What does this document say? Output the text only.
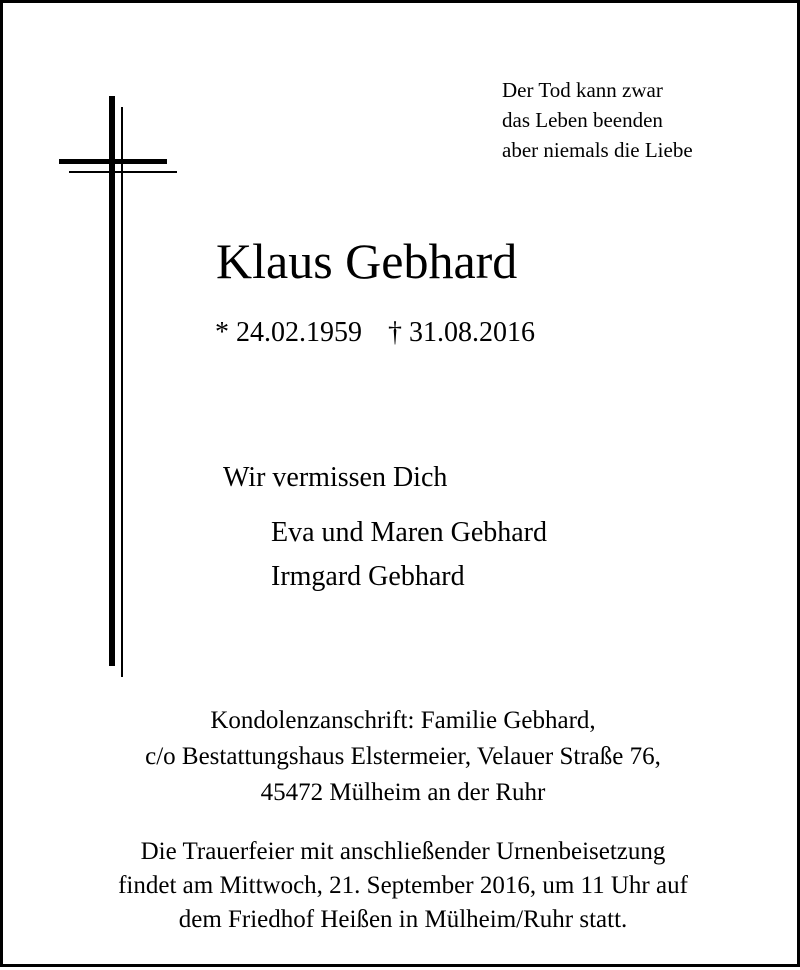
Der Tod kann zwar
das Leben beenden
aber niemals die Liebe
Klaus Gebhard
* 24.02.1959 † 31.08.2016
Wir vermissen Dich
Eva und Maren Gebhard
Irmgard Gebhard
Kondolenzanschrift: Familie Gebhard,
c/o Bestattungshaus Elstermeier, Velauer Straße 76,
45472 Mülheim an der Ruhr
Die Trauerfeier mit anschließender Urnenbeisetzung
findet am Mittwoch, 21. September 2016, um 11 Uhr auf
dem Friedhof Heißen in Mülheim/Ruhr statt.
